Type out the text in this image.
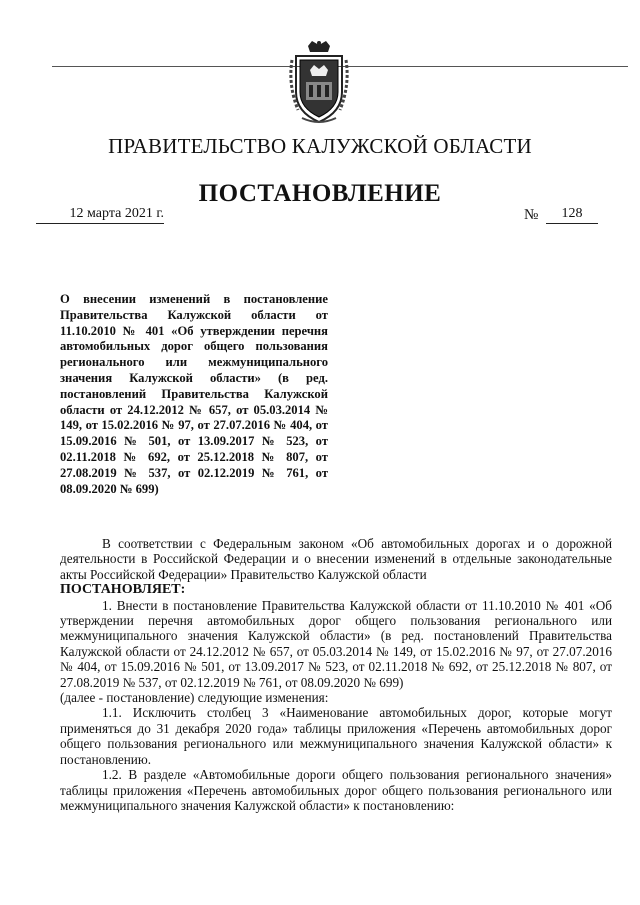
ПРАВИТЕЛЬСТВО КАЛУЖСКОЙ ОБЛАСТИ
ПОСТАНОВЛЕНИЕ
12 марта 2021 г.	№	128

О внесении изменений в постановление Правительства Калужской области от 11.10.2010 № 401 «Об утверждении перечня автомобильных дорог общего пользования регионального или межмуниципального значения Калужской области» (в ред. постановлений Правительства Калужской области от 24.12.2012 № 657, от 05.03.2014 № 149, от 15.02.2016 № 97, от 27.07.2016 № 404, от 15.09.2016 № 501, от 13.09.2017 № 523, от 02.11.2018 № 692, от 25.12.2018 № 807, от 27.08.2019 № 537, от 02.12.2019 № 761, от 08.09.2020 № 699)

В соответствии с Федеральным законом «Об автомобильных дорогах и о дорожной деятельности в Российской Федерации и о внесении изменений в отдельные законодательные акты Российской Федерации» Правительство Калужской области

ПОСТАНОВЛЯЕТ:

1. Внести в постановление Правительства Калужской области от 11.10.2010 № 401 «Об утверждении перечня автомобильных дорог общего пользования регионального или межмуниципального значения Калужской области» (в ред. постановлений Правительства Калужской области от 24.12.2012 № 657, от 05.03.2014 № 149, от 15.02.2016 № 97, от 27.07.2016 № 404, от 15.09.2016 № 501, от 13.09.2017 № 523, от 02.11.2018 № 692, от 25.12.2018 № 807, от 27.08.2019 № 537, от 02.12.2019 № 761, от 08.09.2020 № 699)

(далее - постановление) следующие изменения:

1.1. Исключить столбец 3 «Наименование автомобильных дорог, которые могут применяться до 31 декабря 2020 года» таблицы приложения «Перечень автомобильных дорог общего пользования регионального или межмуниципального значения Калужской области» к постановлению.

1.2. В разделе «Автомобильные дороги общего пользования регионального значения» таблицы приложения «Перечень автомобильных дорог общего пользования регионального или межмуниципального значения Калужской области» к постановлению:
